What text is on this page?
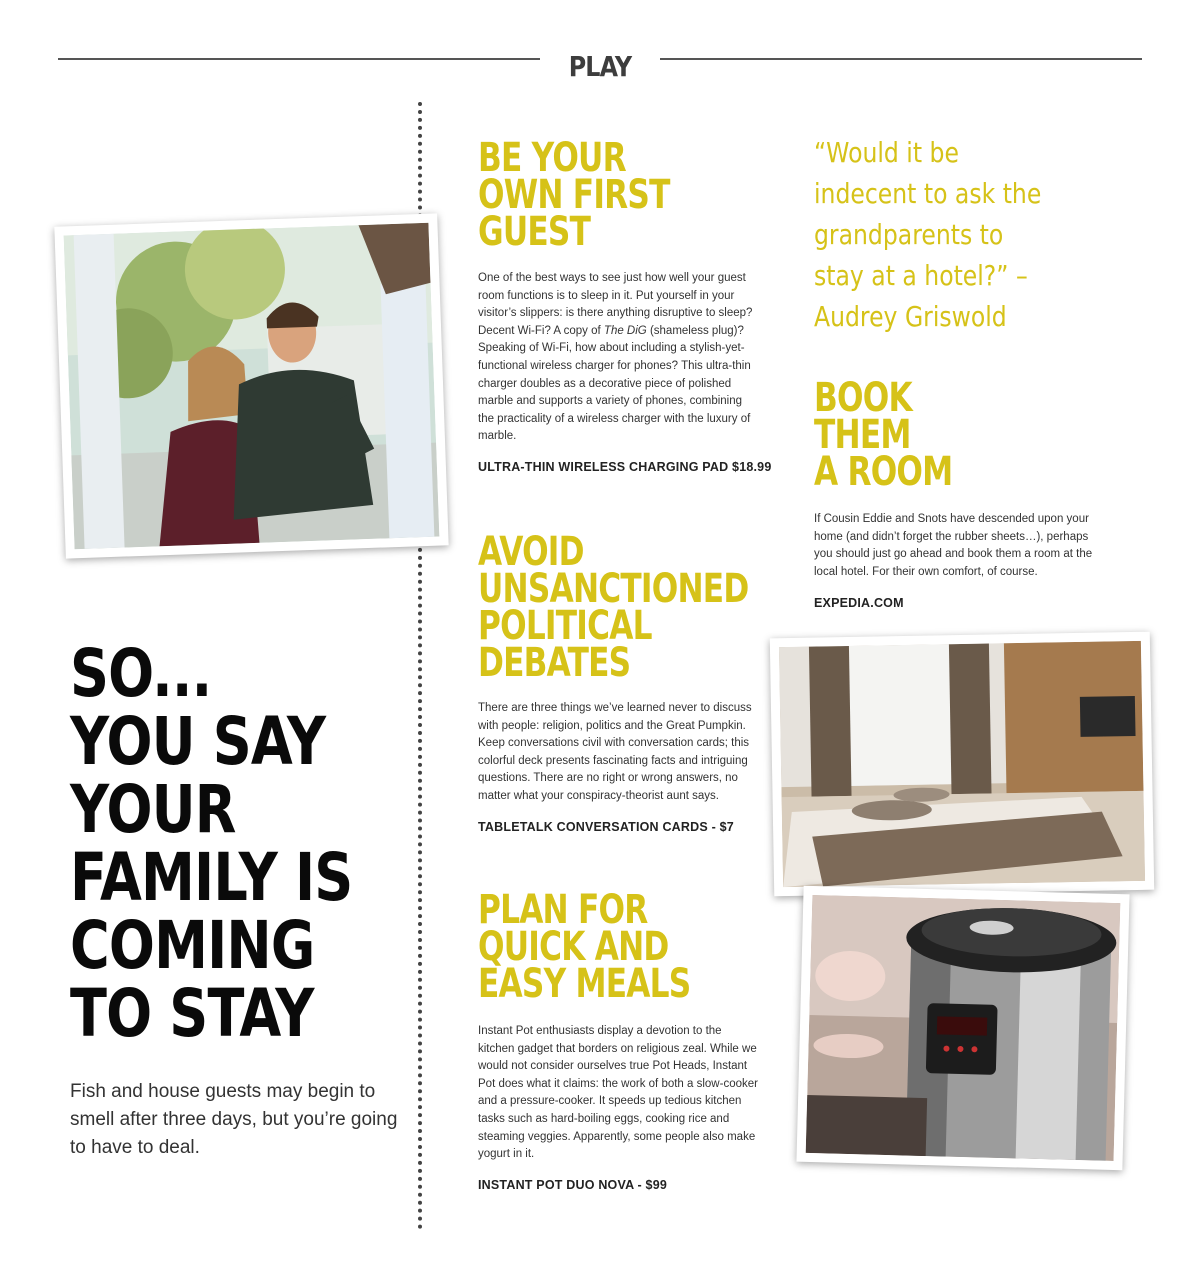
PLAY
SO...
YOU SAY
YOUR
FAMILY IS
COMING
TO STAY

Fish and house guests may begin to smell after three days, but you’re going to have to deal.

BE YOUR
OWN FIRST
GUEST

One of the best ways to see just how well your guest room functions is to sleep in it. Put yourself in your visitor’s slippers: is there anything disruptive to sleep? Decent Wi-Fi? A copy of The DiG (shameless plug)? Speaking of Wi-Fi, how about including a stylish-yet-functional wireless charger for phones? This ultra-thin charger doubles as a decorative piece of polished marble and supports a variety of phones, combining the practicality of a wireless charger with the luxury of marble.

ULTRA-THIN WIRELESS CHARGING PAD $18.99

AVOID
UNSANCTIONED
POLITICAL
DEBATES

There are three things we’ve learned never to discuss with people: religion, politics and the Great Pumpkin. Keep conversations civil with conversation cards; this colorful deck presents fascinating facts and intriguing questions. There are no right or wrong answers, no matter what your conspiracy-theorist aunt says.

TABLETALK CONVERSATION CARDS - $7

PLAN FOR
QUICK AND
EASY MEALS

Instant Pot enthusiasts display a devotion to the kitchen gadget that borders on religious zeal. While we would not consider ourselves true Pot Heads, Instant Pot does what it claims: the work of both a slow-cooker and a pressure-cooker. It speeds up tedious kitchen tasks such as hard-boiling eggs, cooking rice and steaming veggies. Apparently, some people also make yogurt in it.

INSTANT POT DUO NOVA - $99

“Would it be
indecent to ask the
grandparents to
stay at a hotel?” –
Audrey Griswold
BOOK
THEM
A ROOM

If Cousin Eddie and Snots have descended upon your home (and didn’t forget the rubber sheets…), perhaps you should just go ahead and book them a room at the local hotel. For their own comfort, of course.

EXPEDIA.COM
